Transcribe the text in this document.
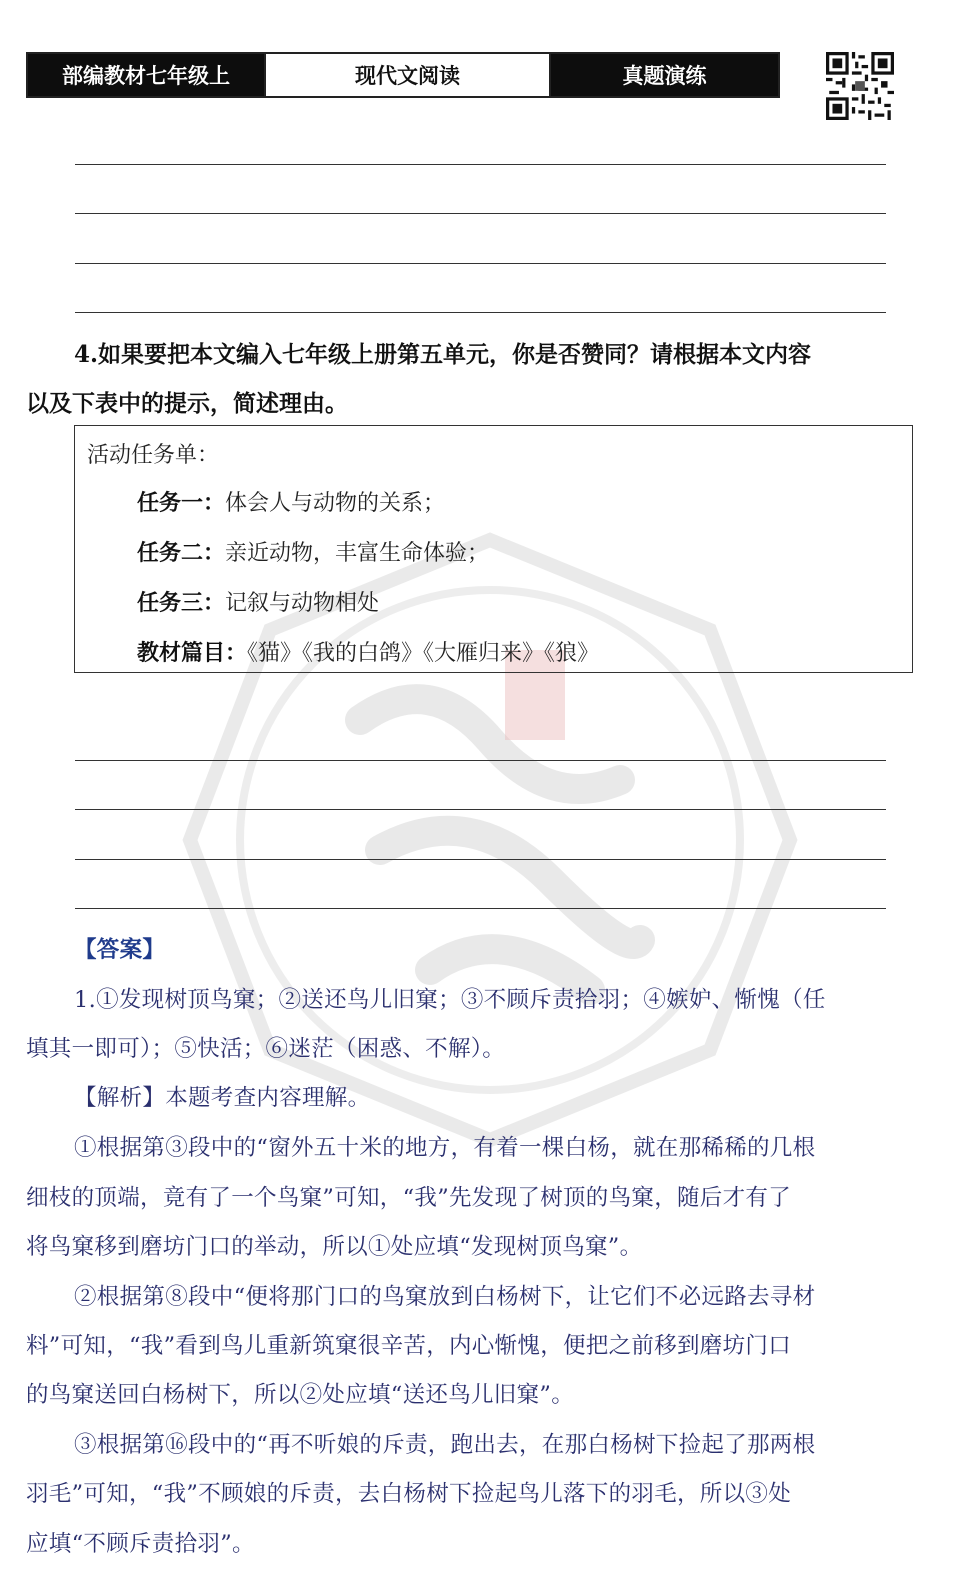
部编教材七年级上	现代文阅读	真题演练
4.如果要把本文编入七年级上册第五单元，你是否赞同？请根据本文内容
以及下表中的提示，简述理由。
活动任务单：
任务一：体会人与动物的关系；
任务二：亲近动物，丰富生命体验；
任务三：记叙与动物相处
教材篇目：《猫》《我的白鸽》《大雁归来》《狼》
【答案】
1.①发现树顶鸟窠；②送还鸟儿旧窠；③不顾斥责拾羽；④嫉妒、惭愧（任
填其一即可）；⑤快活；⑥迷茫（困惑、不解）。
【解析】本题考查内容理解。
①根据第③段中的“窗外五十米的地方，有着一棵白杨，就在那稀稀的几根
细枝的顶端，竟有了一个鸟窠”可知，“我”先发现了树顶的鸟窠，随后才有了
将鸟窠移到磨坊门口的举动，所以①处应填“发现树顶鸟窠”。
②根据第⑧段中“便将那门口的鸟窠放到白杨树下，让它们不必远路去寻材
料”可知，“我”看到鸟儿重新筑窠很辛苦，内心惭愧，便把之前移到磨坊门口
的鸟窠送回白杨树下，所以②处应填“送还鸟儿旧窠”。
③根据第⑯段中的“再不听娘的斥责，跑出去，在那白杨树下捡起了那两根
羽毛”可知，“我”不顾娘的斥责，去白杨树下捡起鸟儿落下的羽毛，所以③处
应填“不顾斥责拾羽”。
